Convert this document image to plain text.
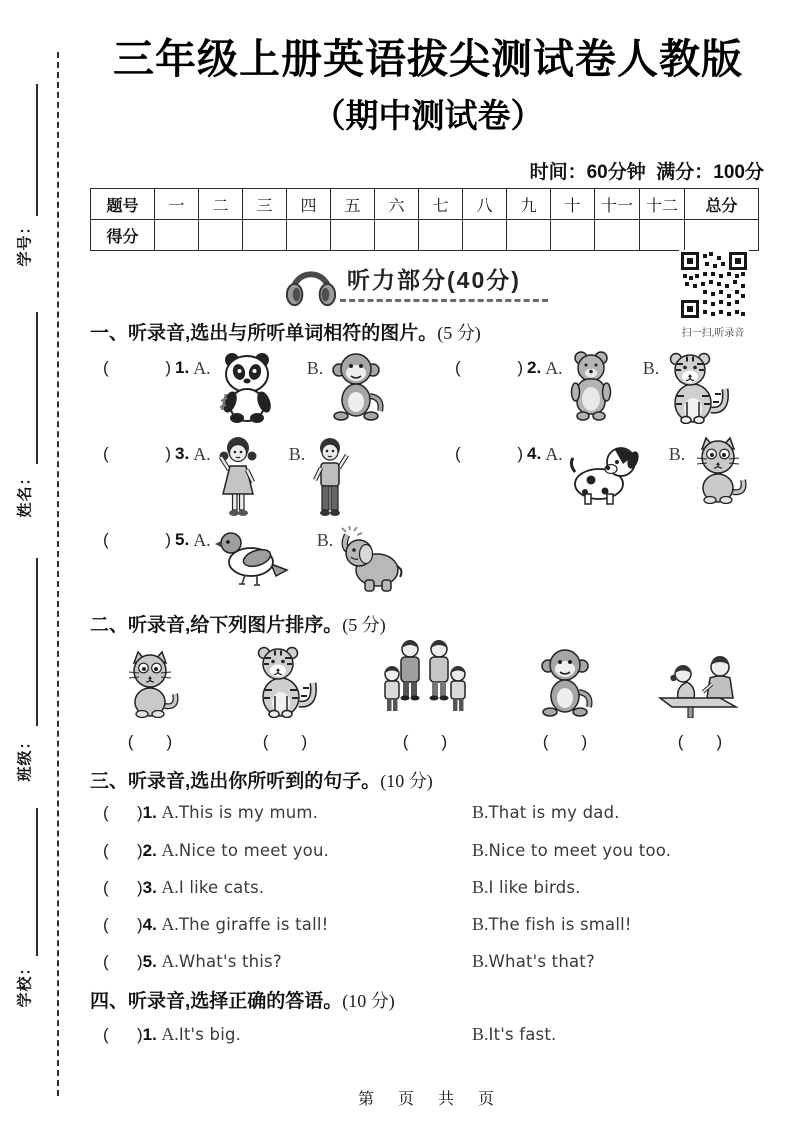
学号：
姓名：
班级：
学校：
三年级上册英语拔尖测试卷人教版
（期中测试卷）
时间：60分钟  满分：100分
题号	一	二	三	四	五	六	七	八	九	十	十一	十二	总分
得分													
听力部分(40分)
扫一扫,听录音
一、听录音,选出与所听单词相符的图片。(5 分)
(            ) 1. A.	B.	(            ) 2. A.	B.
(            ) 3. A.	B.	(            ) 4. A.	B.
(            ) 5. A.	B.
二、听录音,给下列图片排序。(5 分)
(       )	(       )	(       )	(       )	(       )
三、听录音,选出你所听到的句子。(10 分)
(      ) 1.
A. This is my mum.	B.That is my dad.
(      ) 2.
A. Nice to meet you.	B.Nice to meet you too.
(      ) 3.
A. I like cats.	B.I like birds.
(      ) 4.
A. The giraffe is tall!	B.The fish is small!
(      ) 5.
A. What's this?	B.What's that?
四、听录音,选择正确的答语。(10 分)
(      ) 1.
A. It's big.	B.It's fast.
第　页　共　页
